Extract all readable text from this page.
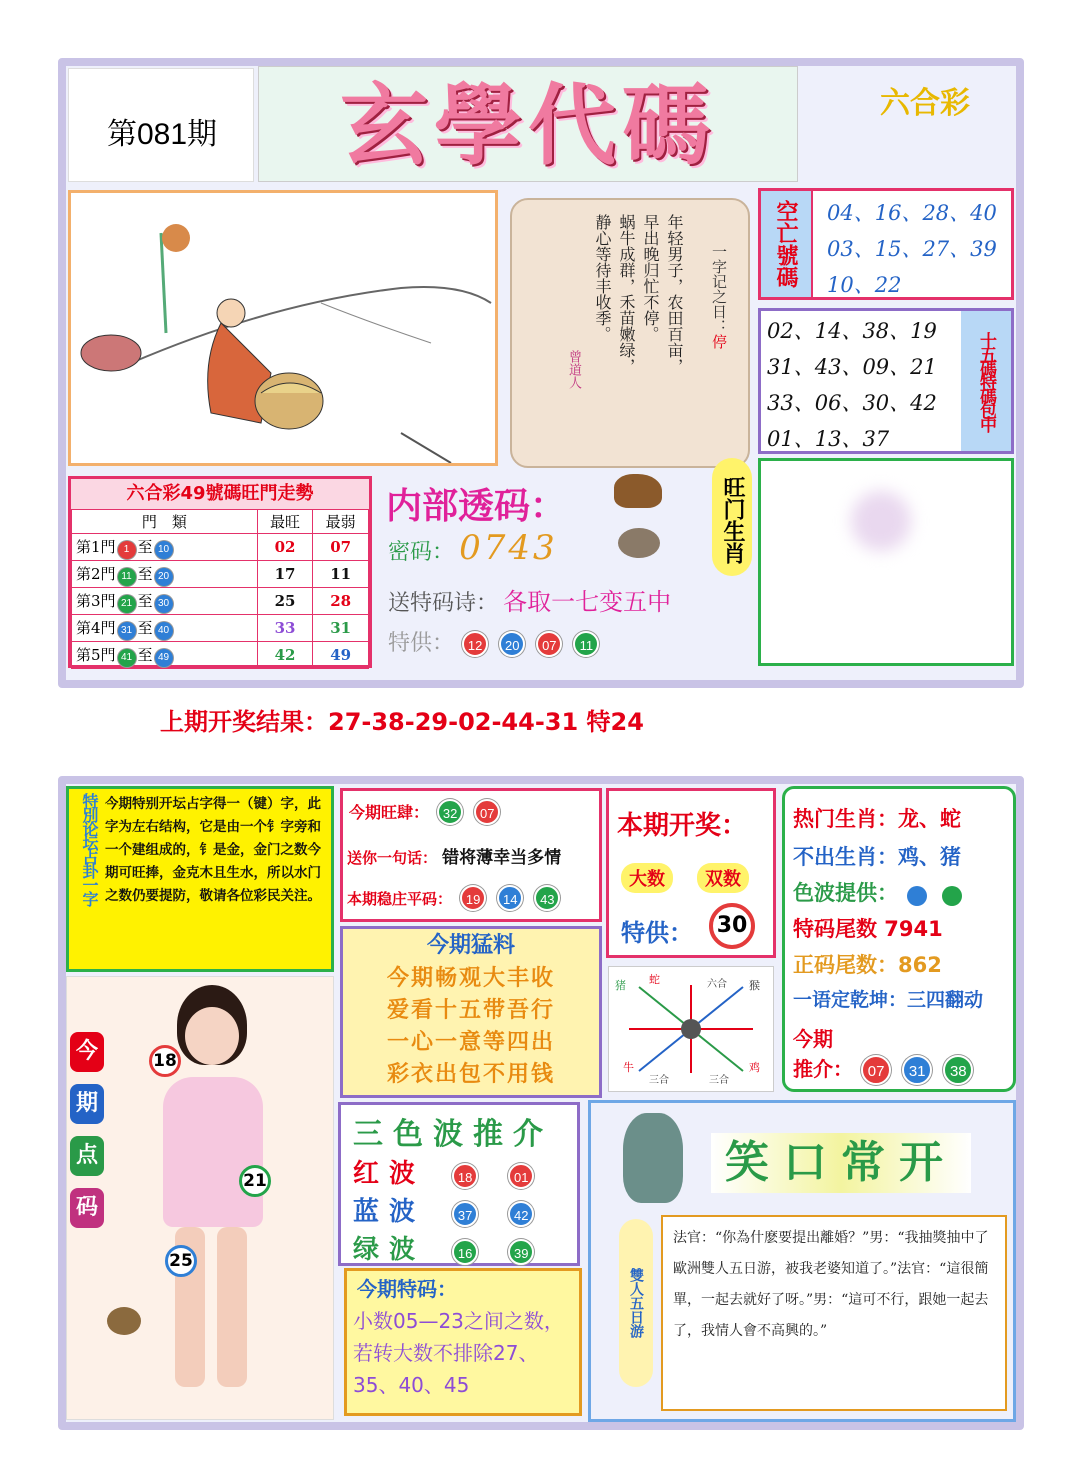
第081期	玄學代碼	六合彩
一字记之日：停
年轻男子，农田百亩，
早出晚归忙不停。
蜗牛成群，禾苗嫩绿，
静心等待丰收季。
曾道人
空亡號碼	04、16、28、40
03、15、27、39
10、22
02、14、38、19
31、43、09、21
33、06、30、42
01、13、37
十五碼特碼包中
六合彩49號碼旺門走勢
門　類	最旺	最弱
第1門 1 至 10	02	07
第2門 11 至 20	17	11
第3門 21 至 30	25	28
第4門 31 至 40	33	31
第5門 41 至 49	42	49
内部透码：
密码： 0743
送特码诗： 各取一七变五中
特供： 12 20 07 11
旺门生肖
上期开奖结果：27-38-29-02-44-31 特24
特別论坛占卦一字 今期特别开坛占字得一（键）字，此字为左右结构，它是由一个钅字旁和一个建组成的，钅是金，金门之数今期可旺捧，金克木且生水，所以水门之数仍要提防，敬请各位彩民关注。
今期旺肆： 32 07
送你一句话： 错将薄幸当多情
本期稳庄平码： 19 14 43
本期开奖：
大数	双数
特供：	30
热门生肖：龙、蛇
不出生肖：鸡、猪
色波提供：
特码尾数 7941
正码尾数：862
一语定乾坤：三四翻动
今期
推介： 07 31 38
今期猛料
今期畅观大丰收
爱看十五带吾行
一心一意等四出
彩衣出包不用钱
猪 蛇	六合 猴
牛
三合	三合
鸡
18
21
25
今
期
点
码
三色波推介
红波	18	01
蓝波	37	42
绿波	16	39
今期特码：
小数05—23之间之数，若转大数不排除27、35、40、45
笑口常开
雙人五日游
法官：“你為什麽要提出離婚？”男：“我抽獎抽中了歐洲雙人五日游，被我老婆知道了。”法官：“這很簡單，一起去就好了呀。”男：“這可不行，跟她一起去了，我情人會不高興的。”
